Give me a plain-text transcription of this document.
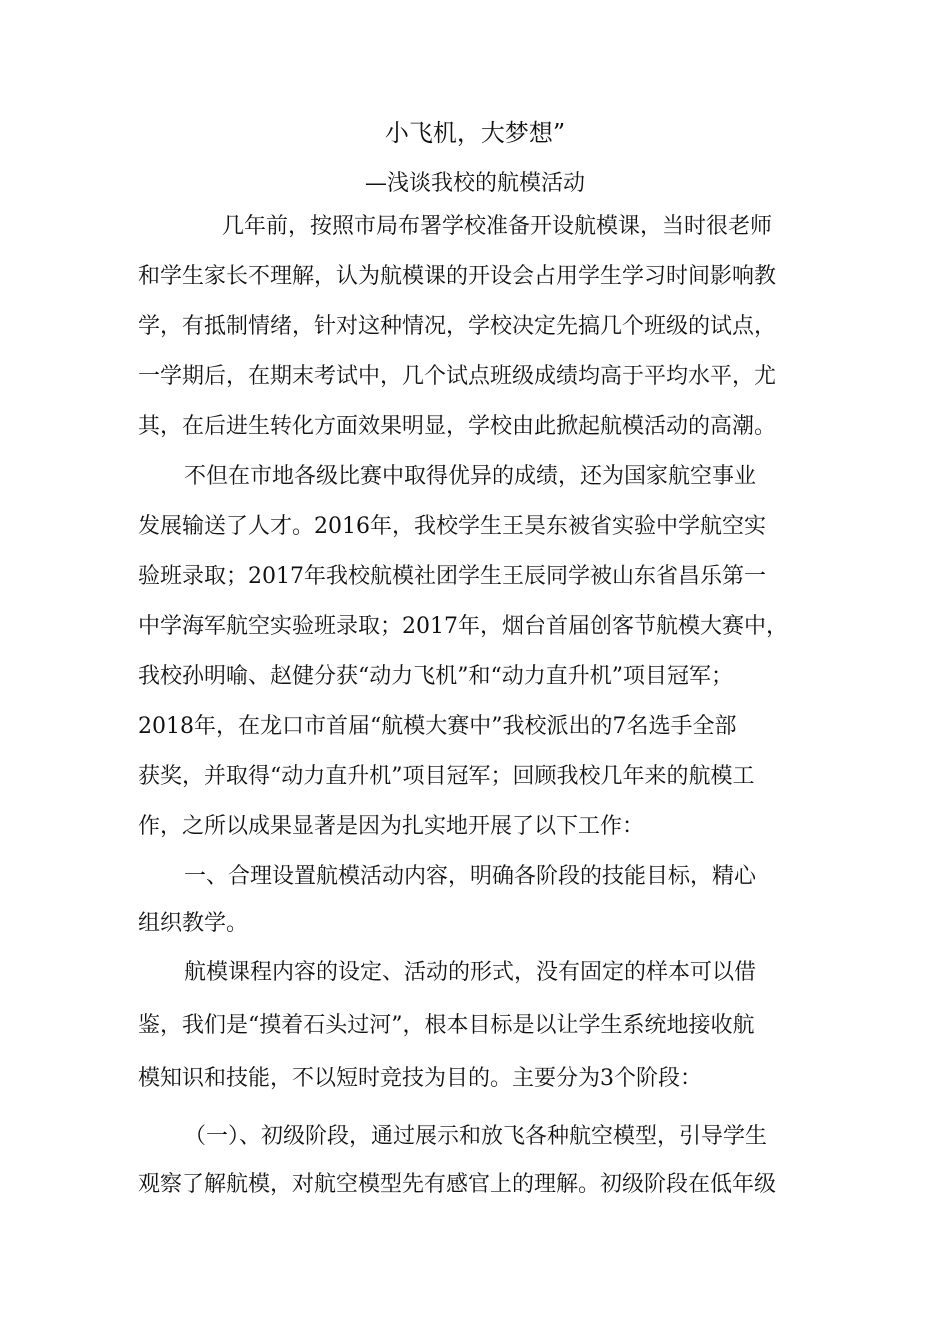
小飞机，大梦想”
—浅谈我校的航模活动
几年前，按照市局布署学校准备开设航模课，当时很老师
和学生家长不理解，认为航模课的开设会占用学生学习时间影响教
学，有抵制情绪，针对这种情况，学校决定先搞几个班级的试点，
一学期后，在期末考试中，几个试点班级成绩均高于平均水平，尤
其，在后进生转化方面效果明显，学校由此掀起航模活动的高潮。
不但在市地各级比赛中取得优异的成绩，还为国家航空事业
发展输送了人才。2016年，我校学生王昊东被省实验中学航空实
验班录取；2017年我校航模社团学生王辰同学被山东省昌乐第一
中学海军航空实验班录取；2017年，烟台首届创客节航模大赛中，
我校孙明喻、赵健分获“动力飞机”和“动力直升机”项目冠军；
2018年，在龙口市首届“航模大赛中”我校派出的7名选手全部
获奖，并取得“动力直升机”项目冠军；回顾我校几年来的航模工
作，之所以成果显著是因为扎实地开展了以下工作：
一、合理设置航模活动内容，明确各阶段的技能目标，精心
组织教学。
航模课程内容的设定、活动的形式，没有固定的样本可以借
鉴，我们是“摸着石头过河”，根本目标是以让学生系统地接收航
模知识和技能，不以短时竞技为目的。主要分为3个阶段：
（一）、初级阶段，通过展示和放飞各种航空模型，引导学生
观察了解航模，对航空模型先有感官上的理解。初级阶段在低年级
